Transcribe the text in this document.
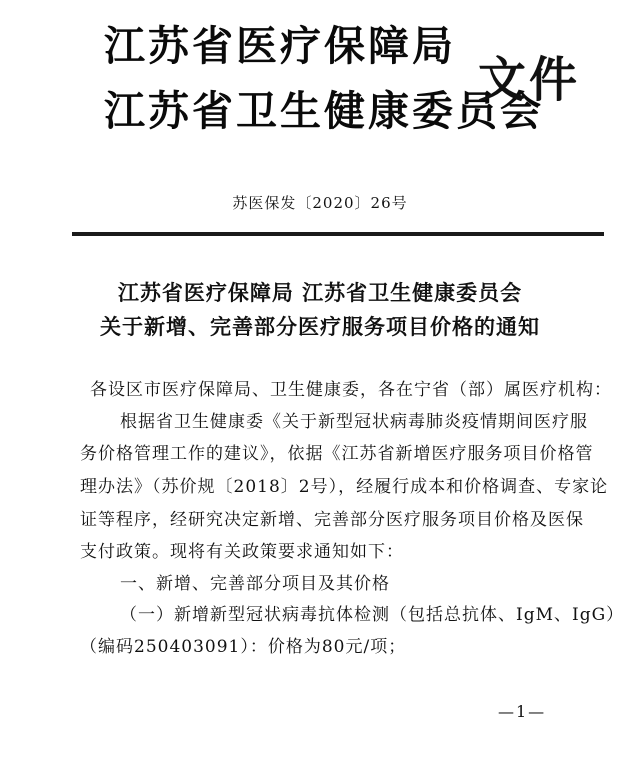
江苏省医疗保障局
江苏省卫生健康委员会
文件
苏医保发〔2020〕26号
江苏省医疗保障局 江苏省卫生健康委员会
关于新增、完善部分医疗服务项目价格的通知
各设区市医疗保障局、卫生健康委，各在宁省（部）属医疗机构：
根据省卫生健康委《关于新型冠状病毒肺炎疫情期间医疗服
务价格管理工作的建议》，依据《江苏省新增医疗服务项目价格管
理办法》（苏价规〔2018〕2号），经履行成本和价格调查、专家论
证等程序，经研究决定新增、完善部分医疗服务项目价格及医保
支付政策。现将有关政策要求通知如下：
一、新增、完善部分项目及其价格
（一）新增新型冠状病毒抗体检测（包括总抗体、IgM、IgG）
（编码250403091）：价格为80元/项；
—1—
